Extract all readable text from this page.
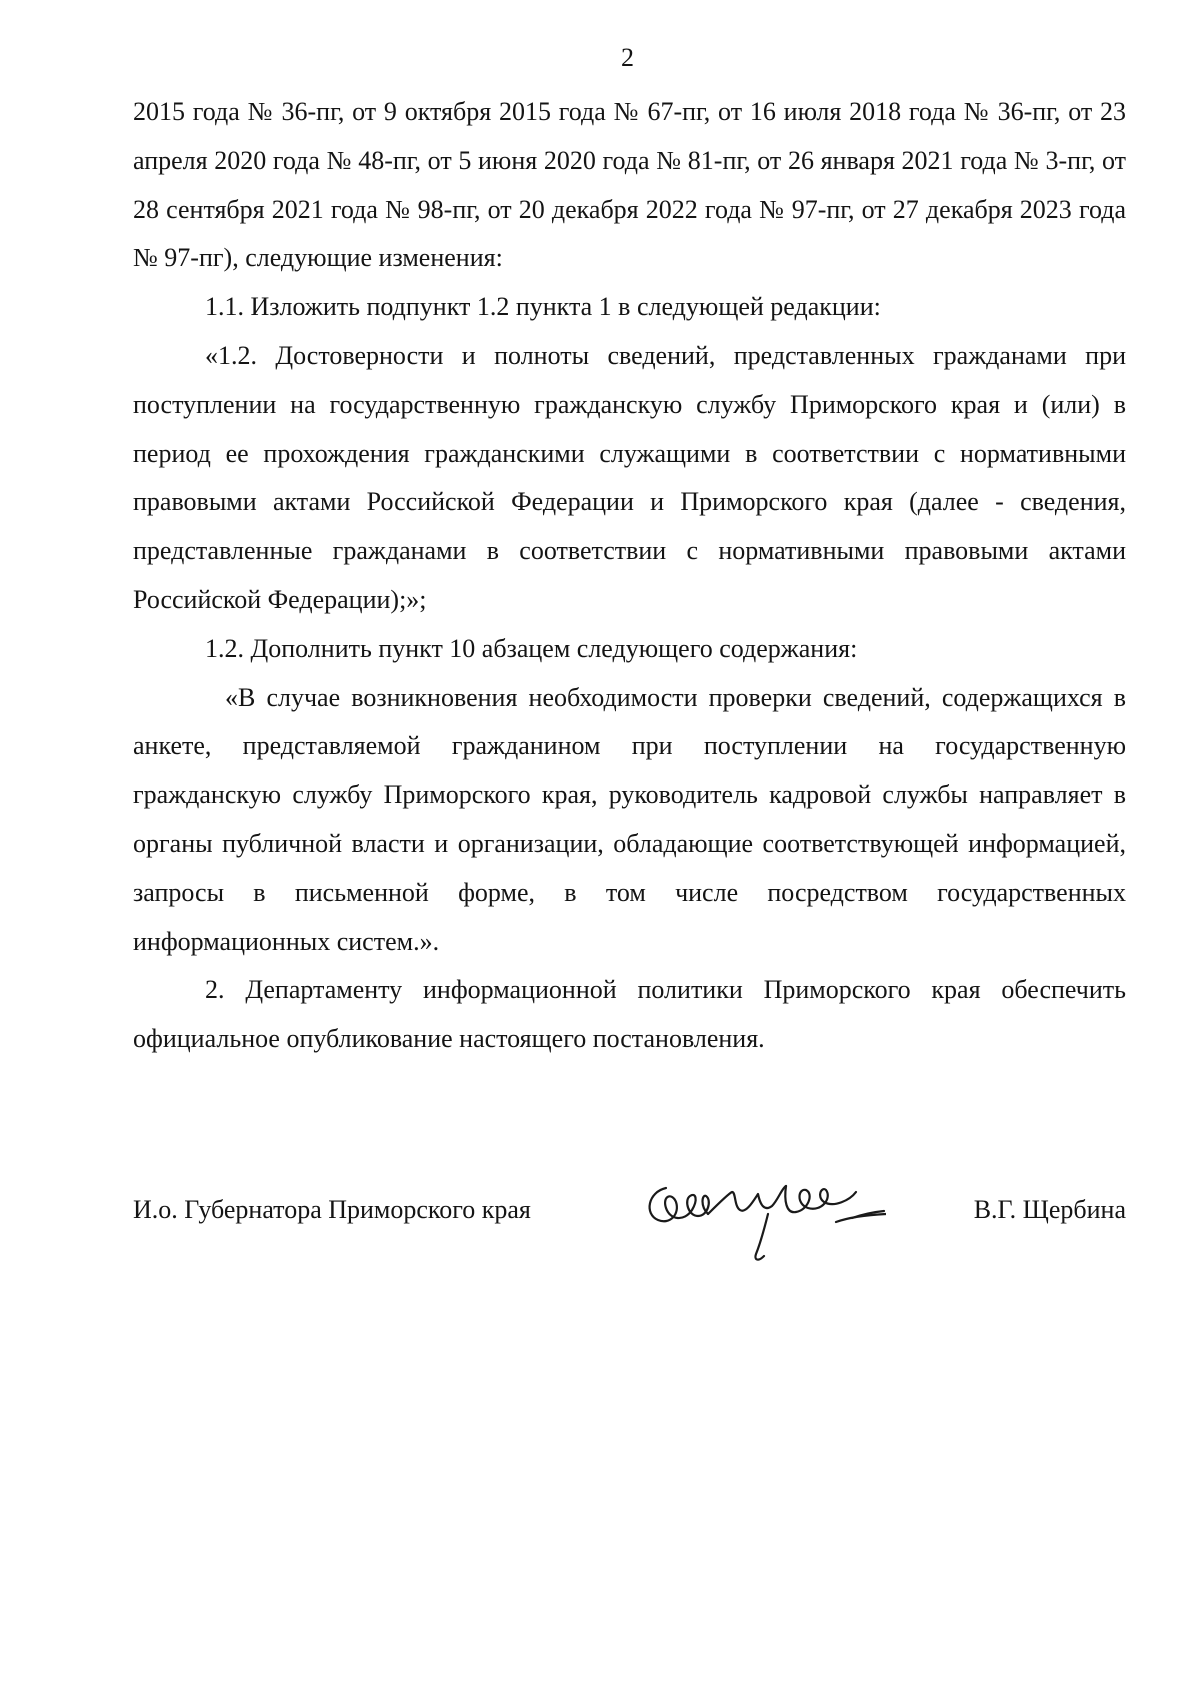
2

2015 года № 36-пг, от 9 октября 2015 года № 67-пг, от 16 июля 2018 года № 36-пг, от 23 апреля 2020 года № 48-пг, от 5 июня 2020 года № 81-пг, от 26 января 2021 года № 3-пг, от 28 сентября 2021 года № 98-пг, от 20 декабря 2022 года № 97-пг, от 27 декабря 2023 года № 97-пг), следующие изменения:

1.1. Изложить подпункт 1.2 пункта 1 в следующей редакции:

«1.2. Достоверности и полноты сведений, представленных гражданами при поступлении на государственную гражданскую службу Приморского края и (или) в период ее прохождения гражданскими служащими в соответствии с нормативными правовыми актами Российской Федерации и Приморского края (далее - сведения, представленные гражданами в соответствии с нормативными правовыми актами Российской Федерации);»;

1.2. Дополнить пункт 10 абзацем следующего содержания:

«В случае возникновения необходимости проверки сведений, содержащихся в анкете, представляемой гражданином при поступлении на государственную гражданскую службу Приморского края, руководитель кадровой службы направляет в органы публичной власти и организации, обладающие соответствующей информацией, запросы в письменной форме, в том числе посредством государственных информационных систем.».

2. Департаменту информационной политики Приморского края обеспечить официальное опубликование настоящего постановления.

И.о. Губернатора Приморского края	В.Г. Щербина
